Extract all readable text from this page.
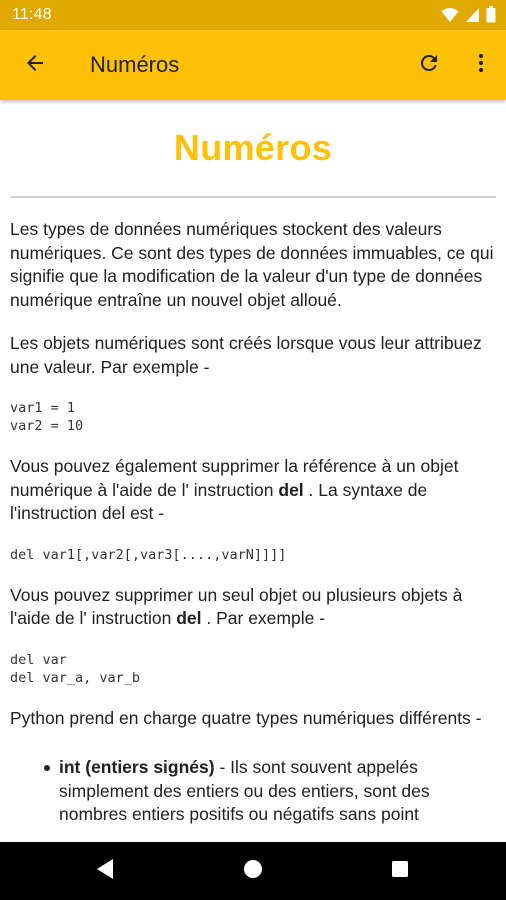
11:48
Numéros
Numéros

Les types de données numériques stockent des valeurs numériques. Ce sont des types de données immuables, ce qui signifie que la modification de la valeur d'un type de données numérique entraîne un nouvel objet alloué.

Les objets numériques sont créés lorsque vous leur attribuez une valeur. Par exemple -

var1 = 1
var2 = 10

Vous pouvez également supprimer la référence à un objet numérique à l'aide de l' instruction del . La syntaxe de l'instruction del est -

del var1[,var2[,var3[....,varN]]]]

Vous pouvez supprimer un seul objet ou plusieurs objets à l'aide de l' instruction del . Par exemple -

del var
del var_a, var_b

Python prend en charge quatre types numériques différents -

int (entiers signés) - Ils sont souvent appelés simplement des entiers ou des entiers, sont des nombres entiers positifs ou négatifs sans point
